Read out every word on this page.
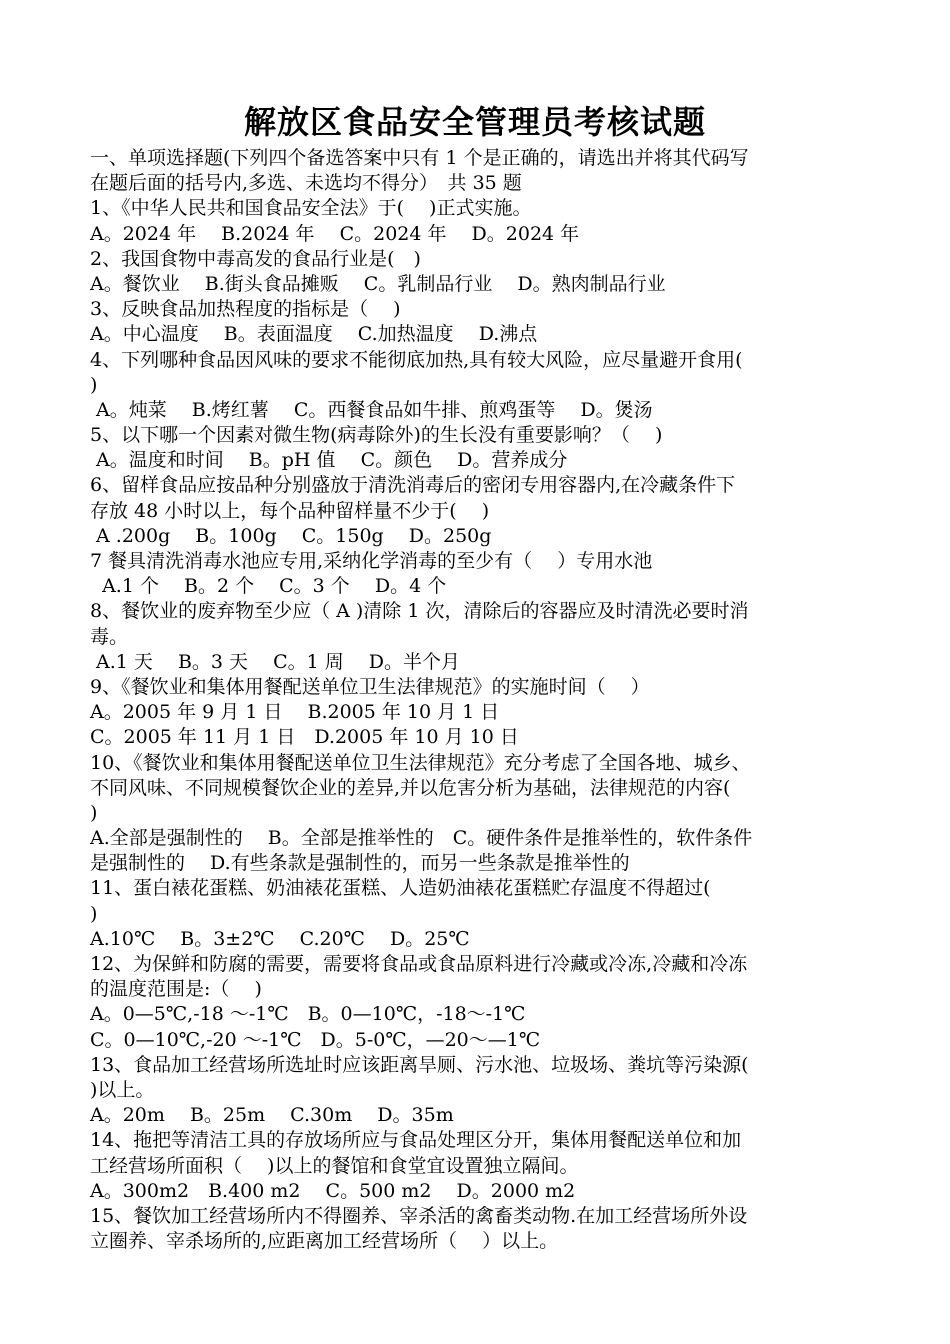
解放区食品安全管理员考核试题
一、单项选择题(下列四个备选答案中只有 1 个是正确的，请选出并将其代码写
在题后面的括号内,多选、未选均不得分）　共 35 题
1、《中华人民共和国食品安全法》于(　 )正式实施。
A。2024 年　 B.2024 年　 C。2024 年　 D。2024 年
2、我国食物中毒高发的食品行业是(　)
A。餐饮业　 B.街头食品摊贩　 C。乳制品行业　 D。熟肉制品行业
3、反映食品加热程度的指标是（　 )
A。中心温度　 B。表面温度　 C.加热温度　 D.沸点
4、下列哪种食品因风味的要求不能彻底加热,具有较大风险，应尽量避开食用(
)
A。炖菜　 B.烤红薯　 C。西餐食品如牛排、煎鸡蛋等　 D。煲汤
5、以下哪一个因素对微生物(病毒除外)的生长没有重要影响？（　 )
A。温度和时间　 B。pH 值　 C。颜色　 D。营养成分
6、留样食品应按品种分别盛放于清洗消毒后的密闭专用容器内,在冷藏条件下
存放 48 小时以上，每个品种留样量不少于(　 )
A .200g　 B。100g　 C。150g　 D。250g
7 餐具清洗消毒水池应专用,采纳化学消毒的至少有（　 ）专用水池
A.1 个　 B。2 个　 C。3 个　 D。4 个
8、餐饮业的废弃物至少应（ A )清除 1 次，清除后的容器应及时清洗必要时消
毒。
A.1 天　 B。3 天　 C。1 周　 D。半个月
9、《餐饮业和集体用餐配送单位卫生法律规范》的实施时间（　 ）
A。2005 年 9 月 1 日　 B.2005 年 10 月 1 日
C。2005 年 11 月 1 日　D.2005 年 10 月 10 日
10、《餐饮业和集体用餐配送单位卫生法律规范》充分考虑了全国各地、城乡、
不同风味、不同规模餐饮企业的差异,并以危害分析为基础，法律规范的内容(
)
A.全部是强制性的　 B。全部是推举性的　C。硬件条件是推举性的，软件条件
是强制性的　 D.有些条款是强制性的，而另一些条款是推举性的
11、蛋白裱花蛋糕、奶油裱花蛋糕、人造奶油裱花蛋糕贮存温度不得超过(
)
A.10℃　 B。3±2℃　 C.20℃　 D。25℃
12、为保鲜和防腐的需要，需要将食品或食品原料进行冷藏或冷冻,冷藏和冷冻
的温度范围是:（　 )
A。0—5℃,-18 ～-1℃　B。0—10℃，-18～-1℃
C。0—10℃,-20 ～-1℃　D。5-0℃，—20～—1℃
13、食品加工经营场所选址时应该距离旱厕、污水池、垃圾场、粪坑等污染源(
)以上。
A。20m　 B。25m　 C.30m　 D。35m
14、拖把等清洁工具的存放场所应与食品处理区分开，集体用餐配送单位和加
工经营场所面积（　 )以上的餐馆和食堂宜设置独立隔间。
A。300m2　B.400 m2　 C。500 m2　 D。2000 m2
15、餐饮加工经营场所内不得圈养、宰杀活的禽畜类动物.在加工经营场所外设
立圈养、宰杀场所的,应距离加工经营场所（　 ）以上。
